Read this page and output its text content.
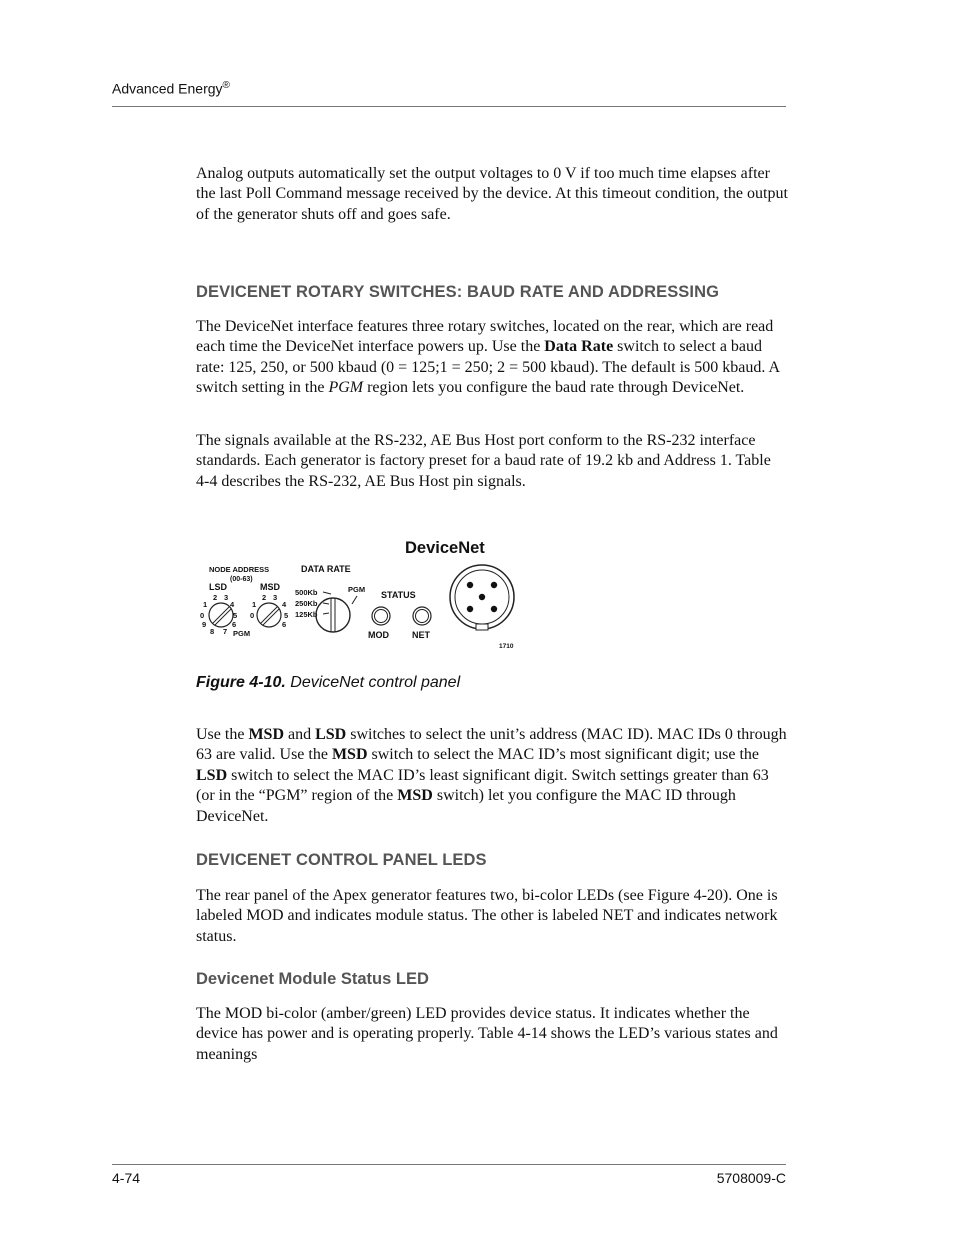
Advanced Energy®

Analog outputs automatically set the output voltages to 0 V if too much time elapses after the last Poll Command message received by the device. At this timeout condition, the output of the generator shuts off and goes safe.

DEVICENET ROTARY SWITCHES: BAUD RATE AND ADDRESSING

The DeviceNet interface features three rotary switches, located on the rear, which are read each time the DeviceNet interface powers up. Use the Data Rate switch to select a baud rate: 125, 250, or 500 kbaud (0 = 125;1 = 250; 2 = 500 kbaud). The default is 500 kbaud. A switch setting in the PGM region lets you configure the baud rate through DeviceNet.

The signals available at the RS-232, AE Bus Host port conform to the RS-232 interface standards. Each generator is factory preset for a baud rate of 19.2 kb and Address 1. Table 4-4 describes the RS-232, AE Bus Host pin signals.

DeviceNet
NODE ADDRESS
(00-63)
LSD	MSD
DATA RATE
2 3
1	4
0	5
9	6
8 7
2 3
1	4
0	5
6
PGM
500Kb
250Kb
125Kb
PGM
STATUS
MOD	NET
1710

Figure 4-10. DeviceNet control panel

Use the MSD and LSD switches to select the unit’s address (MAC ID). MAC IDs 0 through 63 are valid. Use the MSD switch to select the MAC ID’s most significant digit; use the LSD switch to select the MAC ID’s least significant digit. Switch settings greater than 63 (or in the “PGM” region of the MSD switch) let you configure the MAC ID through DeviceNet.

DEVICENET CONTROL PANEL LEDS

The rear panel of the Apex generator features two, bi-color LEDs (see Figure 4-20). One is labeled MOD and indicates module status. The other is labeled NET and indicates network status.

Devicenet Module Status LED

The MOD bi-color (amber/green) LED provides device status. It indicates whether the device has power and is operating properly. Table 4-14 shows the LED’s various states and meanings

4-74	5708009-C
